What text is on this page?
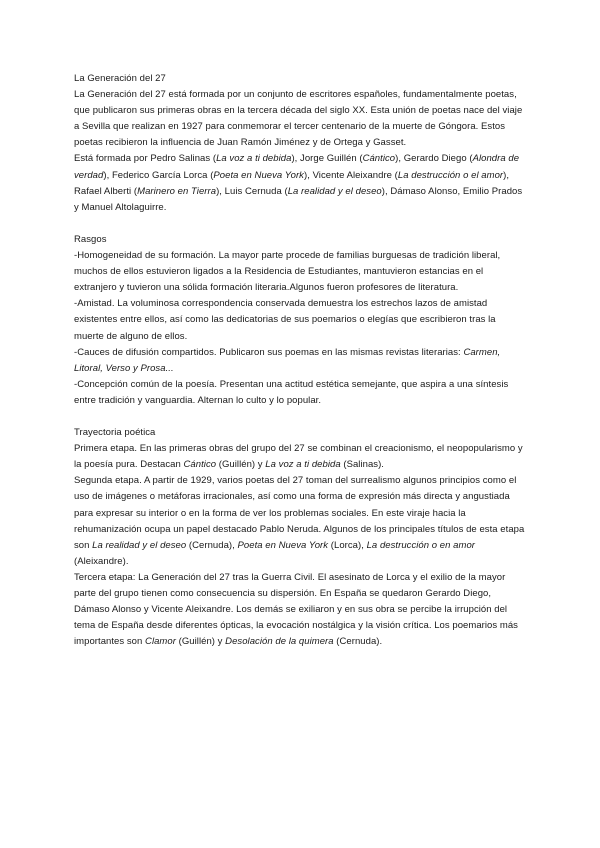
La Generación del 27

La Generación del 27 está formada por un conjunto de escritores españoles, fundamentalmente poetas, que publicaron sus primeras obras en la tercera década del siglo XX. Esta unión de poetas nace del viaje a Sevilla que realizan en 1927 para conmemorar el tercer centenario de la muerte de Góngora. Estos poetas recibieron la influencia de Juan Ramón Jiménez y de Ortega y Gasset.

Está formada por Pedro Salinas (La voz a ti debida), Jorge Guillén (Cántico), Gerardo Diego (Alondra de verdad), Federico García Lorca (Poeta en Nueva York), Vicente Aleixandre (La destrucción o el amor), Rafael Alberti (Marinero en Tierra), Luis Cernuda (La realidad y el deseo), Dámaso Alonso, Emilio Prados y Manuel Altolaguirre.

Rasgos

-Homogeneidad de su formación. La mayor parte procede de familias burguesas de tradición liberal, muchos de ellos estuvieron ligados a la Residencia de Estudiantes, mantuvieron estancias en el extranjero y tuvieron una sólida formación literaria.Algunos fueron profesores de literatura.

-Amistad. La voluminosa correspondencia conservada demuestra los estrechos lazos de amistad existentes entre ellos, así como las dedicatorias de sus poemarios o elegías que escribieron tras la muerte de alguno de ellos.

-Cauces de difusión compartidos. Publicaron sus poemas en las mismas revistas literarias: Carmen, Litoral, Verso y Prosa...

-Concepción común de la poesía. Presentan una actitud estética semejante, que aspira a una síntesis entre tradición y vanguardia. Alternan lo culto y lo popular.

Trayectoria poética

Primera etapa. En las primeras obras del grupo del 27 se combinan el creacionismo, el neopopularismo y la poesía pura. Destacan Cántico (Guillén) y La voz a ti debida (Salinas).

Segunda etapa. A partir de 1929, varios poetas del 27 toman del surrealismo algunos principios como el uso de imágenes o metáforas irracionales, así como una forma de expresión más directa y angustiada para expresar su interior o en la forma de ver los problemas sociales. En este viraje hacia la rehumanización ocupa un papel destacado Pablo Neruda. Algunos de los principales títulos de esta etapa son La realidad y el deseo (Cernuda), Poeta en Nueva York (Lorca), La destrucción o en amor (Aleixandre).

Tercera etapa: La Generación del 27 tras la Guerra Civil. El asesinato de Lorca y el exilio de la mayor parte del grupo tienen como consecuencia su dispersión. En España se quedaron Gerardo Diego, Dámaso Alonso y Vicente Aleixandre. Los demás se exiliaron y en sus obra se percibe la irrupción del tema de España desde diferentes ópticas, la evocación nostálgica y la visión crítica. Los poemarios más importantes son Clamor (Guillén) y Desolación de la quimera (Cernuda).
